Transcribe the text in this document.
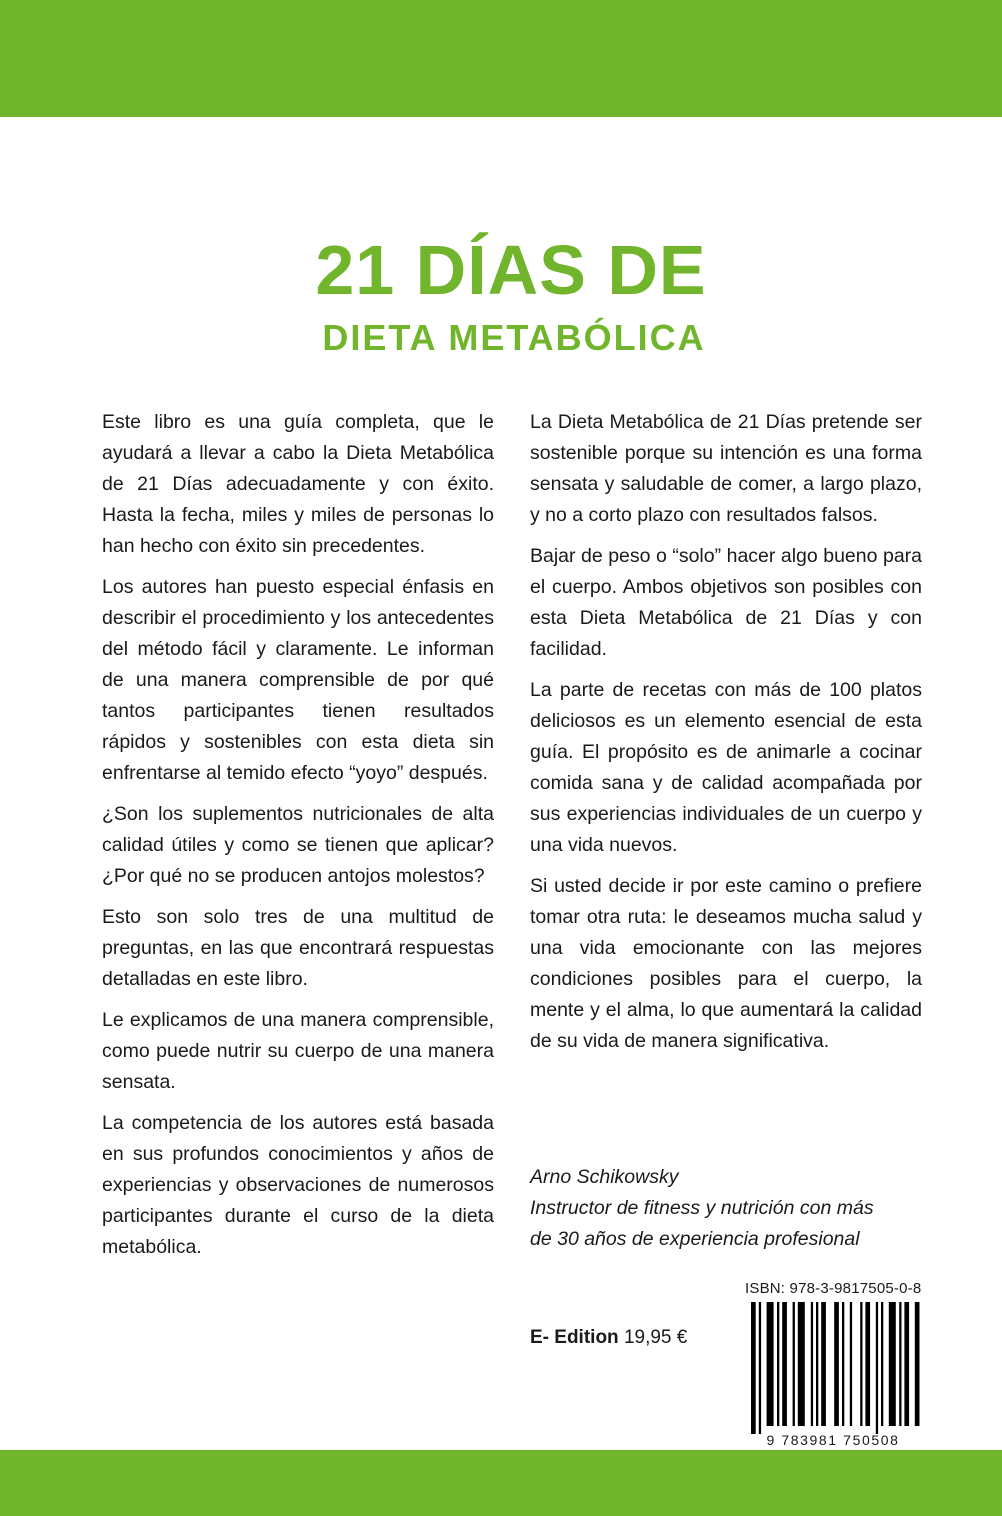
21 DÍAS DE
DIETA METABÓLICA

Este libro es una guía completa, que le ayudará a llevar a cabo la Dieta Metabólica de 21 Días adecuadamente y con éxito. Hasta la fecha, miles y miles de personas lo han hecho con éxito sin precedentes.

Los autores han puesto especial énfasis en describir el procedimiento y los antecedentes del método fácil y claramente. Le informan de una manera comprensible de por qué tantos participantes tienen resultados rápidos y sostenibles con esta dieta sin enfrentarse al temido efecto “yoyo” después.

¿Son los suplementos nutricionales de alta calidad útiles y como se tienen que aplicar? ¿Por qué no se producen antojos molestos?

Esto son solo tres de una multitud de preguntas, en las que encontrará respuestas detalladas en este libro.

Le explicamos de una manera comprensible, como puede nutrir su cuerpo de una manera sensata.

La competencia de los autores está basada en sus profundos conocimientos y años de experiencias y observaciones de numerosos participantes durante el curso de la dieta metabólica.

La Dieta Metabólica de 21 Días pretende ser sostenible porque su intención es una forma sensata y saludable de comer, a largo plazo, y no a corto plazo con resultados falsos.

Bajar de peso o “solo” hacer algo bueno para el cuerpo. Ambos objetivos son posibles con esta Dieta Metabólica de 21 Días y con facilidad.

La parte de recetas con más de 100 platos deliciosos es un elemento esencial de esta guía. El propósito es de animarle a cocinar comida sana y de calidad acompañada por sus experiencias individuales de un cuerpo y una vida nuevos.

Si usted decide ir por este camino o prefiere tomar otra ruta: le deseamos mucha salud y una vida emocionante con las mejores condiciones posibles para el cuerpo, la mente y el alma, lo que aumentará la calidad de su vida de manera significativa.

Arno Schikowsky
Instructor de fitness y nutrición con más
de 30 años de experiencia profesional
E- Edition 19,95 €
ISBN: 978-3-9817505-0-8
9 783981 750508
